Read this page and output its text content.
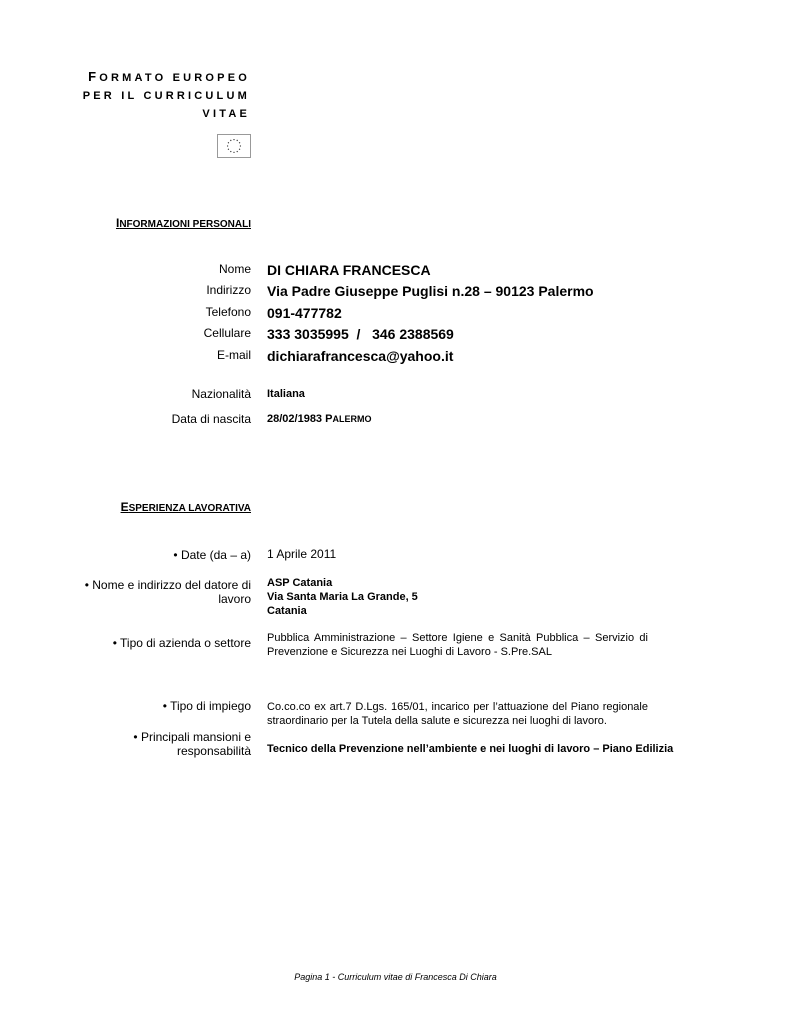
FORMATO EUROPEO
PER IL CURRICULUM
VITAE
INFORMAZIONI PERSONALI
Nome DI CHIARA FRANCESCA
Indirizzo Via Padre Giuseppe Puglisi n.28 – 90123 Palermo
Telefono 091-477782
Cellulare 333 3035995  /   346 2388569
E-mail dichiarafrancesca@yahoo.it
Nazionalità Italiana
Data di nascita 28/02/1983 PALERMO
ESPERIENZA LAVORATIVA
• Date (da – a) 1 Aprile 2011
• Nome e indirizzo del datore di
lavoro
ASP Catania
Via Santa Maria La Grande, 5
Catania
• Tipo di azienda o settore Pubblica Amministrazione – Settore Igiene e Sanità Pubblica – Servizio di Prevenzione e Sicurezza nei Luoghi di Lavoro - S.Pre.SAL
• Tipo di impiego Co.co.co ex art.7 D.Lgs. 165/01, incarico per l’attuazione del Piano regionale straordinario per la Tutela della salute e sicurezza nei luoghi di lavoro.
• Principali mansioni e responsabilità Tecnico della Prevenzione nell’ambiente e nei luoghi di lavoro – Piano Edilizia
Pagina 1 - Curriculum vitae di Francesca Di Chiara
